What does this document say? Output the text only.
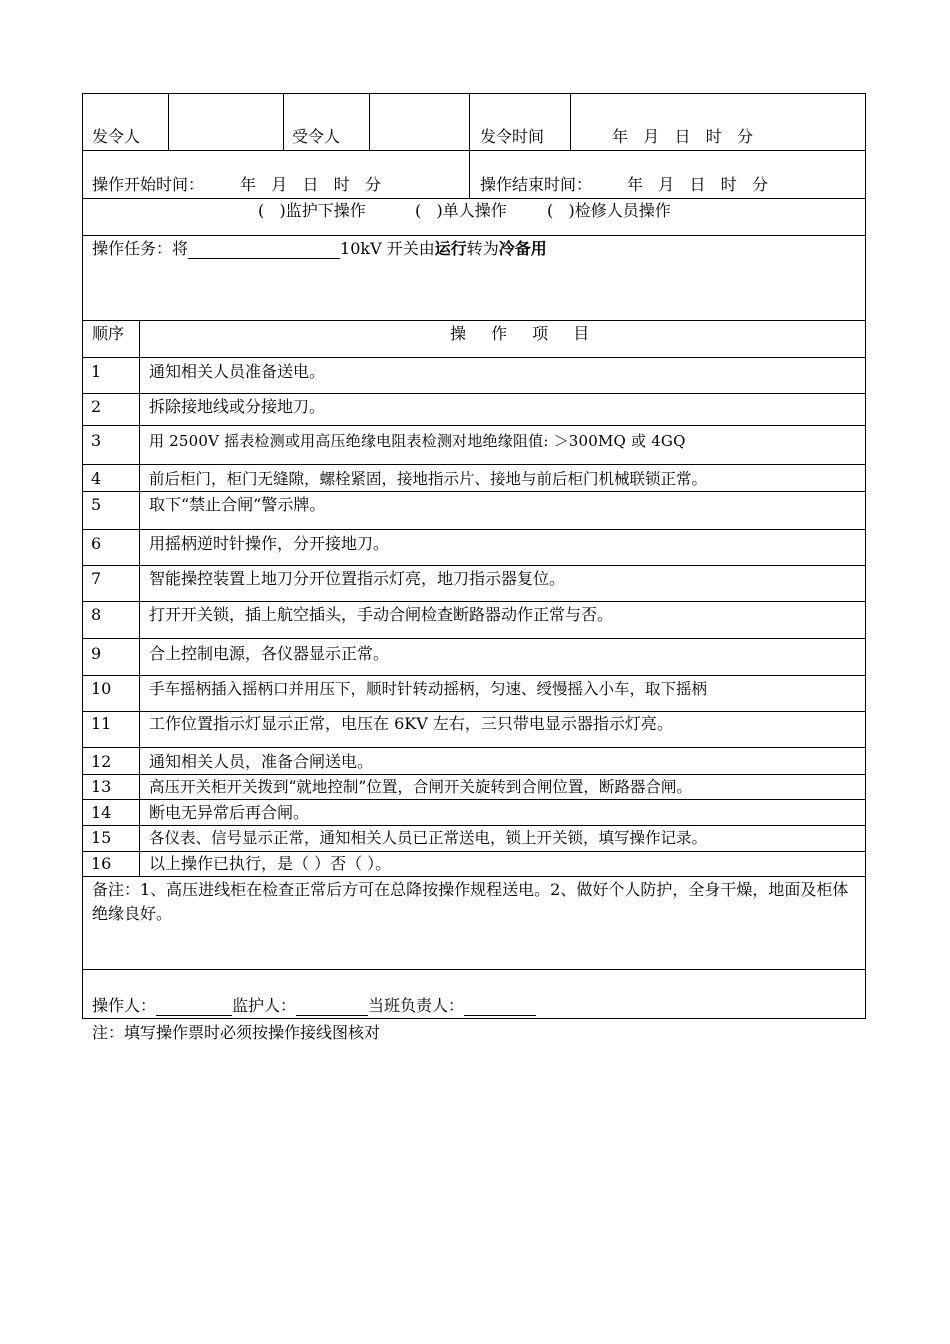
发令人	受令人	发令时间	年   月   日   时   分
操作开始时间： 年   月   日   时   分	操作结束时间： 年   月   日   时   分
(   )监护下操作	(   )单人操作	(   )检修人员操作
操作任务：将	10kV 开关由运行转为冷备用
顺序	操 作 项 目
1	通知相关人员准备送电。
2	拆除接地线或分接地刀。
3	用 2500V 摇表检测或用高压绝缘电阻表检测对地绝缘阻值: ＞300MQ 或 4GQ
4	前后柜门，柜门无缝隙，螺栓紧固，接地指示片、接地与前后柜门机械联锁正常。
5	取下“禁止合闸”警示牌。
6	用摇柄逆时针操作，分开接地刀。
7	智能操控装置上地刀分开位置指示灯亮，地刀指示器复位。
8	打开开关锁，插上航空插头，手动合闸检查断路器动作正常与否。
9	合上控制电源，各仪器显示正常。
10 手车摇柄插入摇柄口并用压下，顺时针转动摇柄，匀速、绶慢摇入小车，取下摇柄
11 工作位置指示灯显示正常，电压在 6KV 左右，三只带电显示器指示灯亮。
12 通知相关人员，准备合闸送电。
13 高压开关柜开关拨到“就地控制”位置，合闸开关旋转到合闸位置，断路器合闸。
14 断电无异常后再合闸。
15 各仪表、信号显示正常，通知相关人员已正常送电，锁上开关锁，填写操作记录。
16 以上操作已执行，是（ ）否（ ）。
备注：1、高压进线柜在检查正常后方可在总降按操作规程送电。2、做好个人防护，全身干燥，地面及柜体绝缘良好。
操作人：	监护人：	当班负责人：
注：填写操作票时必须按操作接线图核对
